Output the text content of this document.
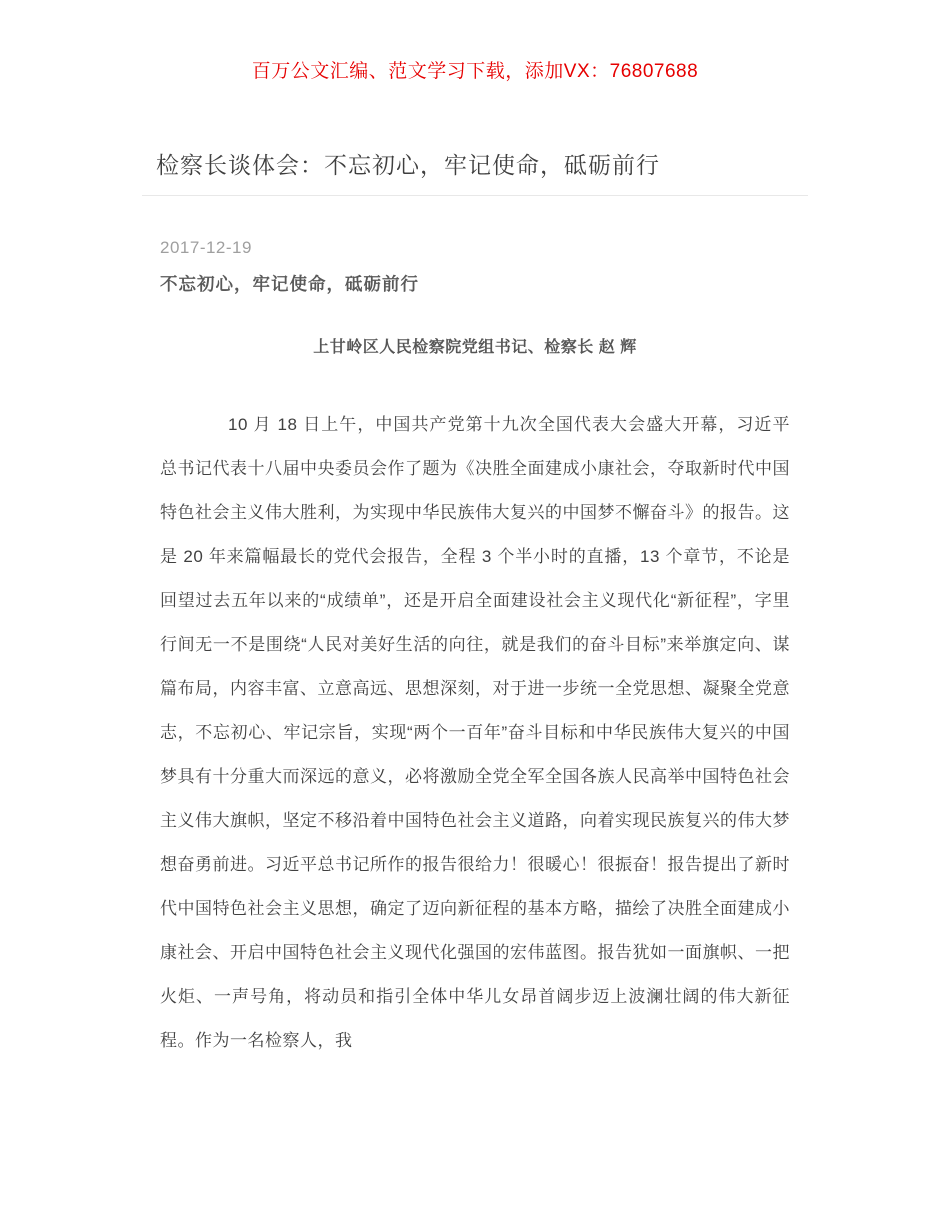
百万公文汇编、范文学习下载，添加VX：76807688
检察长谈体会：不忘初心，牢记使命，砥砺前行
2017-12-19
不忘初心，牢记使命，砥砺前行
上甘岭区人民检察院党组书记、检察长 赵 辉

10 月 18 日上午，中国共产党第十九次全国代表大会盛大开幕，习近平总书记代表十八届中央委员会作了题为《决胜全面建成小康社会，夺取新时代中国特色社会主义伟大胜利，为实现中华民族伟大复兴的中国梦不懈奋斗》的报告。这是 20 年来篇幅最长的党代会报告，全程 3 个半小时的直播，13 个章节，不论是回望过去五年以来的“成绩单”，还是开启全面建设社会主义现代化“新征程”，字里行间无一不是围绕“人民对美好生活的向往，就是我们的奋斗目标”来举旗定向、谋篇布局，内容丰富、立意高远、思想深刻，对于进一步统一全党思想、凝聚全党意志，不忘初心、牢记宗旨，实现“两个一百年”奋斗目标和中华民族伟大复兴的中国梦具有十分重大而深远的意义，必将激励全党全军全国各族人民高举中国特色社会主义伟大旗帜，坚定不移沿着中国特色社会主义道路，向着实现民族复兴的伟大梦想奋勇前进。习近平总书记所作的报告很给力！很暖心！很振奋！报告提出了新时代中国特色社会主义思想，确定了迈向新征程的基本方略，描绘了决胜全面建成小康社会、开启中国特色社会主义现代化强国的宏伟蓝图。报告犹如一面旗帜、一把火炬、一声号角，将动员和指引全体中华儿女昂首阔步迈上波澜壮阔的伟大新征程。作为一名检察人，我
